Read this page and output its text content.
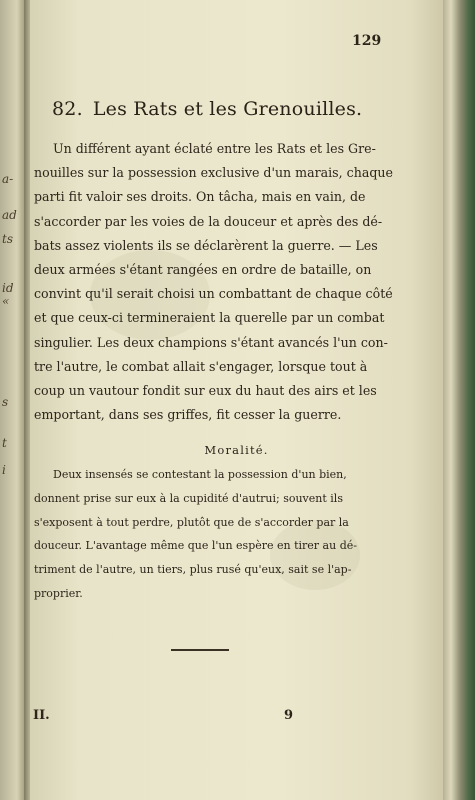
a-
ad
ts
id
«
s
t
i
129
82. Les Rats et les Grenouilles.
Un différent ayant éclaté entre les Rats et les Gre-
nouilles sur la possession exclusive d'un marais, chaque
parti fit valoir ses droits. On tâcha, mais en vain, de
s'accorder par les voies de la douceur et après des dé-
bats assez violents ils se déclarèrent la guerre. — Les
deux armées s'étant rangées en ordre de bataille, on
convint qu'il serait choisi un combattant de chaque côté
et que ceux-ci termineraient la querelle par un combat
singulier. Les deux champions s'étant avancés l'un con-
tre l'autre, le combat allait s'engager, lorsque tout à
coup un vautour fondit sur eux du haut des airs et les
emportant, dans ses griffes, fit cesser la guerre.
Moralité.
Deux insensés se contestant la possession d'un bien,
donnent prise sur eux à la cupidité d'autrui; souvent ils
s'exposent à tout perdre, plutôt que de s'accorder par la
douceur. L'avantage même que l'un espère en tirer au dé-
triment de l'autre, un tiers, plus rusé qu'eux, sait se l'ap-
proprier.
II.	9
